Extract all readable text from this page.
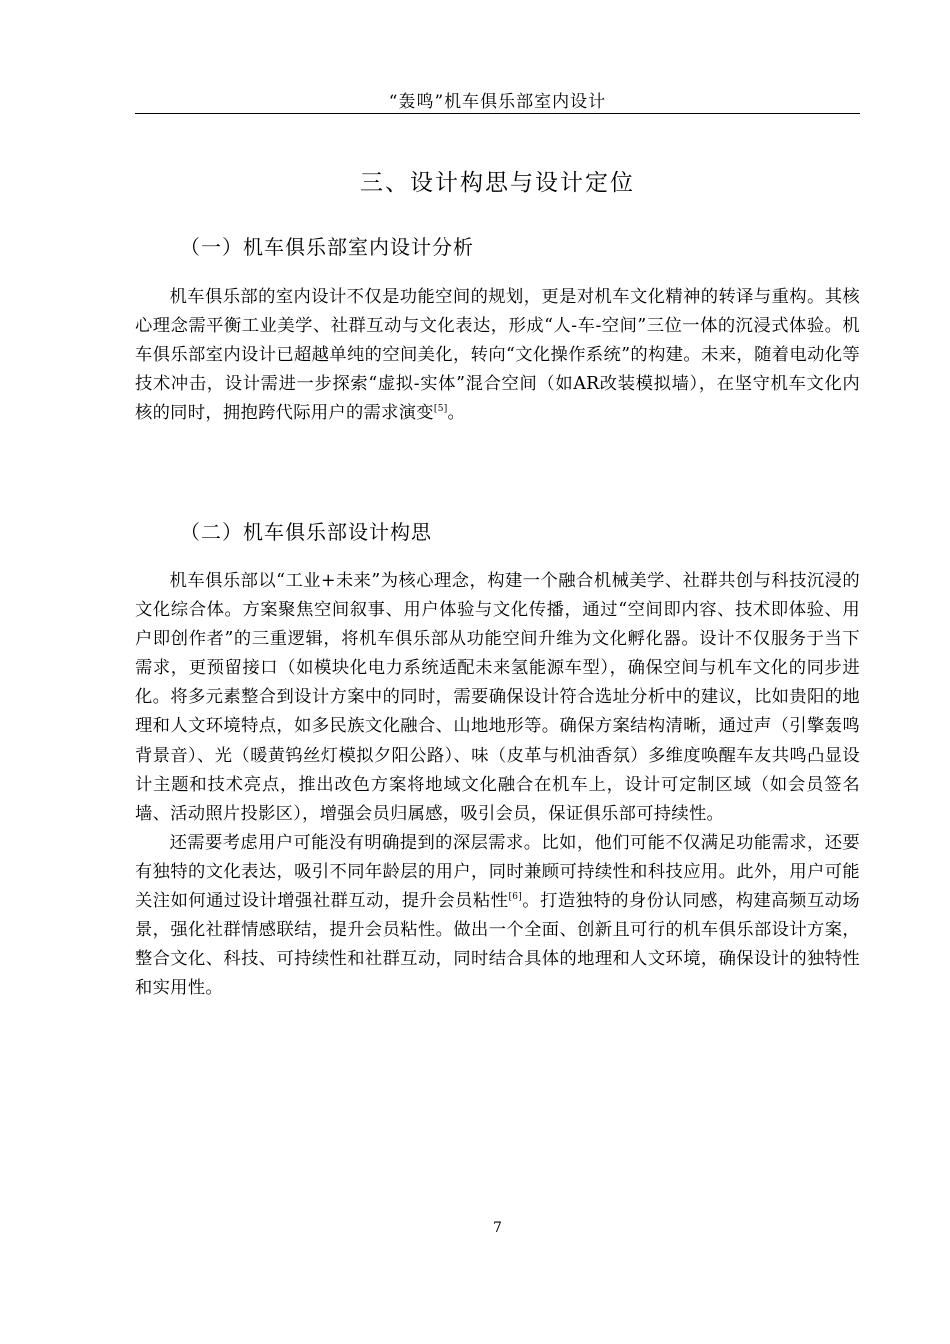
“轰鸣”机车俱乐部室内设计
三、设计构思与设计定位
（一）机车俱乐部室内设计分析

机车俱乐部的室内设计不仅是功能空间的规划，更是对机车文化精神的转译与重构。其核心理念需平衡工业美学、社群互动与文化表达，形成“人-车-空间”三位一体的沉浸式体验。机车俱乐部室内设计已超越单纯的空间美化，转向“文化操作系统”的构建。未来，随着电动化等技术冲击，设计需进一步探索“虚拟-实体”混合空间（如AR改装模拟墙），在坚守机车文化内核的同时，拥抱跨代际用户的需求演变[5]。

（二）机车俱乐部设计构思

机车俱乐部以“工业+未来”为核心理念，构建一个融合机械美学、社群共创与科技沉浸的文化综合体。方案聚焦空间叙事、用户体验与文化传播，通过“空间即内容、技术即体验、用户即创作者”的三重逻辑，将机车俱乐部从功能空间升维为文化孵化器。设计不仅服务于当下需求，更预留接口（如模块化电力系统适配未来氢能源车型），确保空间与机车文化的同步进化。将多元素整合到设计方案中的同时，需要确保设计符合选址分析中的建议，比如贵阳的地理和人文环境特点，如多民族文化融合、山地地形等。确保方案结构清晰，通过声（引擎轰鸣背景音）、光（暖黄钨丝灯模拟夕阳公路）、味（皮革与机油香氛）多维度唤醒车友共鸣凸显设计主题和技术亮点，推出改色方案将地域文化融合在机车上，设计可定制区域（如会员签名墙、活动照片投影区），增强会员归属感，吸引会员，保证俱乐部可持续性。

还需要考虑用户可能没有明确提到的深层需求。比如，他们可能不仅满足功能需求，还要有独特的文化表达，吸引不同年龄层的用户，同时兼顾可持续性和科技应用。此外，用户可能关注如何通过设计增强社群互动，提升会员粘性[6]。打造独特的身份认同感，构建高频互动场景，强化社群情感联结，提升会员粘性。做出一个全面、创新且可行的机车俱乐部设计方案，整合文化、科技、可持续性和社群互动，同时结合具体的地理和人文环境，确保设计的独特性和实用性。

7
